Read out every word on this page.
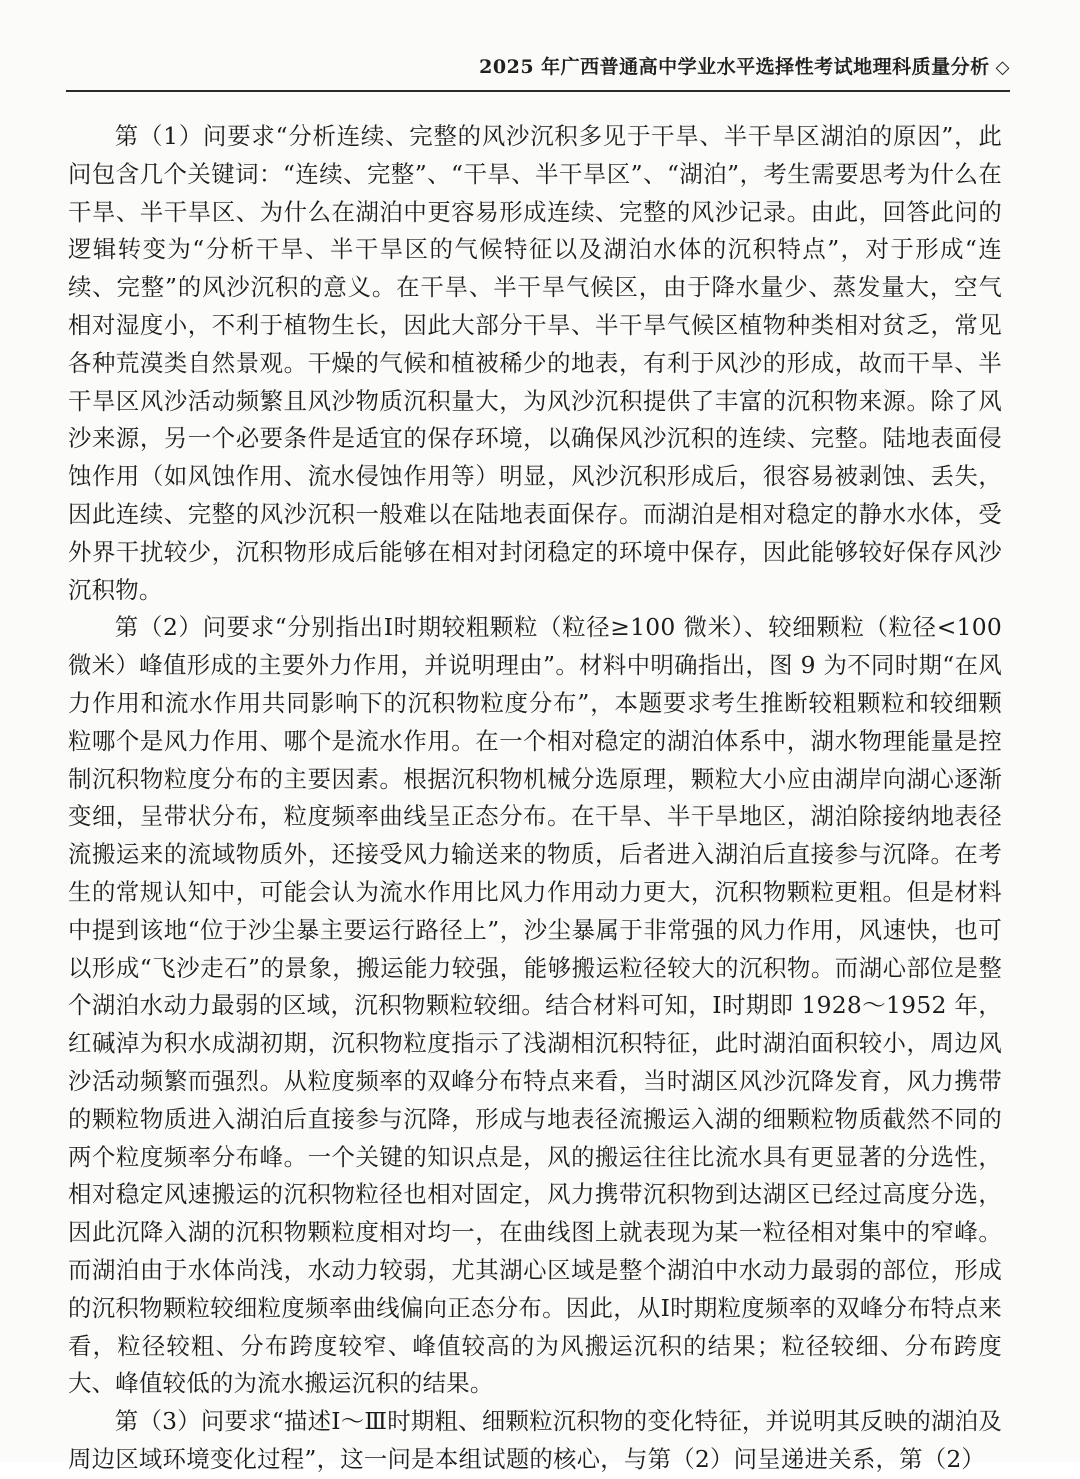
2025 年广西普通高中学业水平选择性考试地理科质量分析 ◇

第（1）问要求“分析连续、完整的风沙沉积多见于干旱、半干旱区湖泊的原因”，此问包含几个关键词：“连续、完整”、“干旱、半干旱区”、“湖泊”，考生需要思考为什么在干旱、半干旱区、为什么在湖泊中更容易形成连续、完整的风沙记录。由此，回答此问的逻辑转变为“分析干旱、半干旱区的气候特征以及湖泊水体的沉积特点”，对于形成“连续、完整”的风沙沉积的意义。在干旱、半干旱气候区，由于降水量少、蒸发量大，空气相对湿度小，不利于植物生长，因此大部分干旱、半干旱气候区植物种类相对贫乏，常见各种荒漠类自然景观。干燥的气候和植被稀少的地表，有利于风沙的形成，故而干旱、半干旱区风沙活动频繁且风沙物质沉积量大，为风沙沉积提供了丰富的沉积物来源。除了风沙来源，另一个必要条件是适宜的保存环境，以确保风沙沉积的连续、完整。陆地表面侵蚀作用（如风蚀作用、流水侵蚀作用等）明显，风沙沉积形成后，很容易被剥蚀、丢失，因此连续、完整的风沙沉积一般难以在陆地表面保存。而湖泊是相对稳定的静水水体，受外界干扰较少，沉积物形成后能够在相对封闭稳定的环境中保存，因此能够较好保存风沙沉积物。

第（2）问要求“分别指出Ⅰ时期较粗颗粒（粒径≥100 微米）、较细颗粒（粒径<100 微米）峰值形成的主要外力作用，并说明理由”。材料中明确指出，图 9 为不同时期“在风力作用和流水作用共同影响下的沉积物粒度分布”，本题要求考生推断较粗颗粒和较细颗粒哪个是风力作用、哪个是流水作用。在一个相对稳定的湖泊体系中，湖水物理能量是控制沉积物粒度分布的主要因素。根据沉积物机械分选原理，颗粒大小应由湖岸向湖心逐渐变细，呈带状分布，粒度频率曲线呈正态分布。在干旱、半干旱地区，湖泊除接纳地表径流搬运来的流域物质外，还接受风力输送来的物质，后者进入湖泊后直接参与沉降。在考生的常规认知中，可能会认为流水作用比风力作用动力更大，沉积物颗粒更粗。但是材料中提到该地“位于沙尘暴主要运行路径上”，沙尘暴属于非常强的风力作用，风速快，也可以形成“飞沙走石”的景象，搬运能力较强，能够搬运粒径较大的沉积物。而湖心部位是整个湖泊水动力最弱的区域，沉积物颗粒较细。结合材料可知，Ⅰ时期即 1928～1952 年，红碱淖为积水成湖初期，沉积物粒度指示了浅湖相沉积特征，此时湖泊面积较小，周边风沙活动频繁而强烈。从粒度频率的双峰分布特点来看，当时湖区风沙沉降发育，风力携带的颗粒物质进入湖泊后直接参与沉降，形成与地表径流搬运入湖的细颗粒物质截然不同的两个粒度频率分布峰。一个关键的知识点是，风的搬运往往比流水具有更显著的分选性，相对稳定风速搬运的沉积物粒径也相对固定，风力携带沉积物到达湖区已经过高度分选，因此沉降入湖的沉积物颗粒度相对均一，在曲线图上就表现为某一粒径相对集中的窄峰。而湖泊由于水体尚浅，水动力较弱，尤其湖心区域是整个湖泊中水动力最弱的部位，形成的沉积物颗粒较细粒度频率曲线偏向正态分布。因此，从Ⅰ时期粒度频率的双峰分布特点来看，粒径较粗、分布跨度较窄、峰值较高的为风搬运沉积的结果；粒径较细、分布跨度大、峰值较低的为流水搬运沉积的结果。

第（3）问要求“描述Ⅰ～Ⅲ时期粗、细颗粒沉积物的变化特征，并说明其反映的湖泊及周边区域环境变化过程”，这一问是本组试题的核心，与第（2）问呈递进关系，第（2）
